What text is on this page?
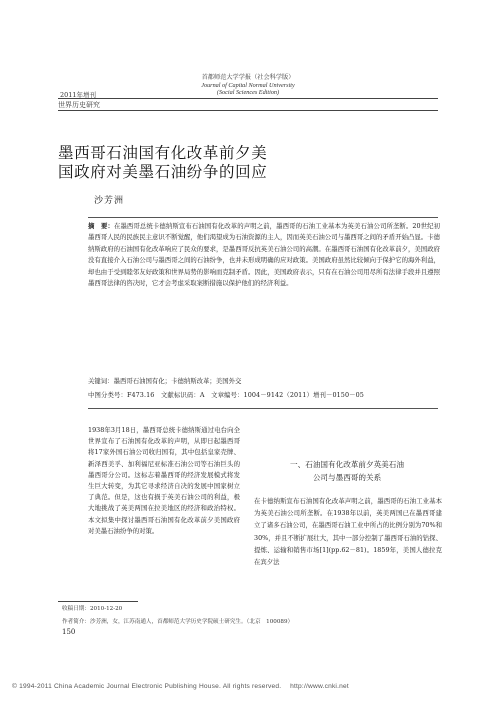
首都师范大学学报（社会科学版）
Journal of Capital Normal University
(Social Sciences Edition)
2011年增刊
世界历史研究
墨西哥石油国有化改革前夕美
国政府对美墨石油纷争的回应
沙芳洲
摘　要：在墨西哥总统卡德纳斯宣布石油国有化改革的声明之前，墨西哥的石油工业基本为英美石油公司所垄断。20世纪初墨西哥人民的民族民主意识不断觉醒，他们渴望成为石油资源的主人，因而英美石油公司与墨西哥之间的矛盾开始凸显。卡德纳斯政府的石油国有化改革响应了民众的要求，是墨西哥反抗英美石油公司的高潮。在墨西哥石油国有化改革前夕，美国政府没有直接介入石油公司与墨西哥之间的石油纷争，也并未形成明确的应对政策。美国政府虽然比较倾向于保护它的海外利益，却也由于受到睦邻友好政策和世界局势的影响而克制矛盾。因此，美国政府表示，只有在石油公司用尽所有法律手段并且遵照墨西哥法律的咨决时，它才会考虑采取案断措施以保护他们的经济利益。
关键词：墨西哥石油国有化；卡德纳斯改革；美国外交
中图分类号：F473.16　文献标识码：A　文章编号：1004－9142（2011）增刊－0150－05
1938年3月18日，墨西哥总统卡德纳斯通过电台向全世界宣布了石油国有化改革的声明，从即日起墨西哥将17家外国石油公司收归国有，其中包括皇家壳牌、新泽西美孚、加利福尼亚标准石油公司等石油巨头的墨西哥分公司。这标志着墨西哥的经济发展模式将发生巨大转变，为其它寻求经济自决的发展中国家树立了典范。但是，这也有损于英美石油公司的利益，极大地挑战了英美两国在拉美地区的经济和政治特权。本文拟集中探讨墨西哥石油国有化改革前夕美国政府对美墨石油纷争的对策。
一、石油国有化改革前夕英美石油
公司与墨西哥的关系
在卡德纳斯宣布石油国有化改革声明之前，墨西哥的石油工业基本为英美石油公司所垄断。在1938年以前，英美两国已在墨西哥建立了诸多石油公司，在墨西哥石油工业中所占的比例分别为70%和30%，并且不断扩展壮大，其中一部分控制了墨西哥石油的钻探、提炼、运输和销售市场[1](pp.62－81)。1859年，美国人德拉克在宾夕法
收稿日期：2010-12-20
作者简介：沙芳洲，女，江苏南通人，首都师范大学历史学院硕士研究生。（北京　100089）
150
© 1994-2011 China Academic Journal Electronic Publishing House. All rights reserved.　 http://www.cnki.net
